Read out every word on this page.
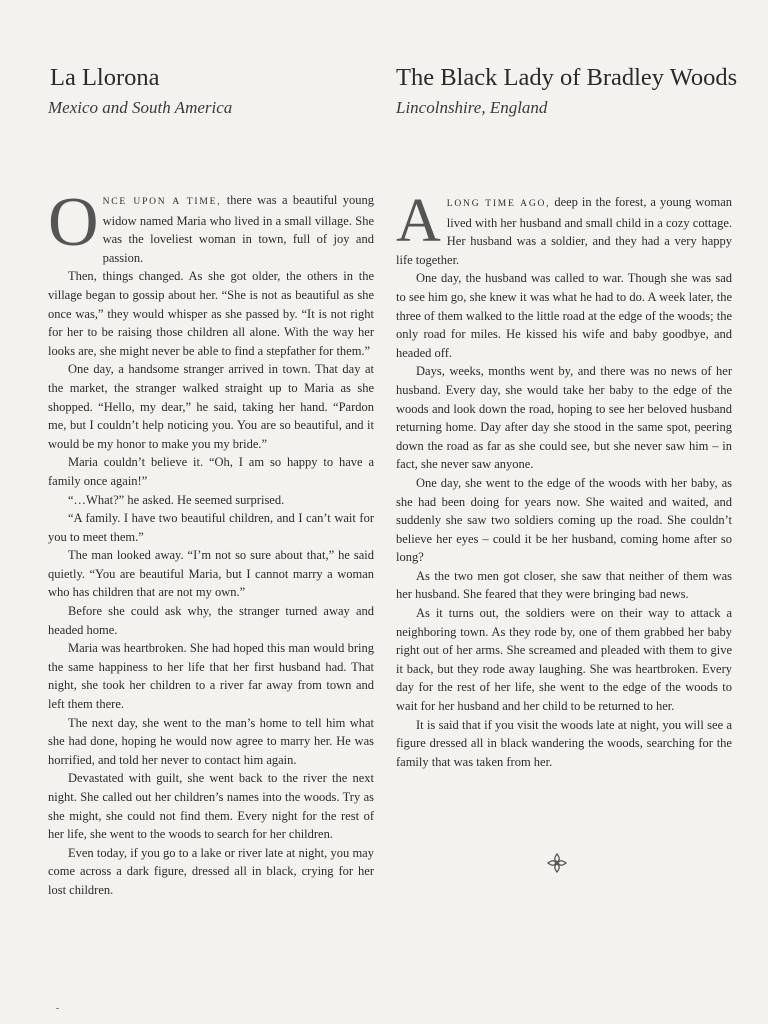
La Llorona
Mexico and South America

ONCE UPON A TIME, there was a beautiful young widow named Maria who lived in a small village. She was the loveliest woman in town, full of joy and passion.

Then, things changed. As she got older, the others in the village began to gossip about her. “She is not as beautiful as she once was,” they would whisper as she passed by. “It is not right for her to be raising those children all alone. With the way her looks are, she might never be able to find a stepfather for them.”

One day, a handsome stranger arrived in town. That day at the market, the stranger walked straight up to Maria as she shopped. “Hello, my dear,” he said, taking her hand. “Pardon me, but I couldn’t help noticing you. You are so beautiful, and it would be my honor to make you my bride.”

Maria couldn’t believe it. “Oh, I am so happy to have a family once again!”

“…What?” he asked. He seemed surprised.

“A family. I have two beautiful children, and I can’t wait for you to meet them.”

The man looked away. “I’m not so sure about that,” he said quietly. “You are beautiful Maria, but I cannot marry a woman who has children that are not my own.”

Before she could ask why, the stranger turned away and headed home.

Maria was heartbroken. She had hoped this man would bring the same happiness to her life that her first husband had. That night, she took her children to a river far away from town and left them there.

The next day, she went to the man’s home to tell him what she had done, hoping he would now agree to marry her. He was horrified, and told her never to contact him again.

Devastated with guilt, she went back to the river the next night. She called out her children’s names into the woods. Try as she might, she could not find them. Every night for the rest of her life, she went to the woods to search for her children.

Even today, if you go to a lake or river late at night, you may come across a dark figure, dressed all in black, crying for her lost children.

The Black Lady of Bradley Woods
Lincolnshire, England

ALONG TIME AGO, deep in the forest, a young woman lived with her husband and small child in a cozy cottage. Her husband was a soldier, and they had a very happy life together.

One day, the husband was called to war. Though she was sad to see him go, she knew it was what he had to do. A week later, the three of them walked to the little road at the edge of the woods; the only road for miles. He kissed his wife and baby goodbye, and headed off.

Days, weeks, months went by, and there was no news of her husband. Every day, she would take her baby to the edge of the woods and look down the road, hoping to see her beloved husband returning home. Day after day she stood in the same spot, peering down the road as far as she could see, but she never saw him – in fact, she never saw anyone.

One day, she went to the edge of the woods with her baby, as she had been doing for years now. She waited and waited, and suddenly she saw two soldiers coming up the road. She couldn’t believe her eyes – could it be her husband, coming home after so long?

As the two men got closer, she saw that neither of them was her husband. She feared that they were bringing bad news.

As it turns out, the soldiers were on their way to attack a neighboring town. As they rode by, one of them grabbed her baby right out of her arms. She screamed and pleaded with them to give it back, but they rode away laughing. She was heartbroken. Every day for the rest of her life, she went to the edge of the woods to wait for her husband and her child to be returned to her.

It is said that if you visit the woods late at night, you will see a figure dressed all in black wandering the woods, searching for the family that was taken from her.
